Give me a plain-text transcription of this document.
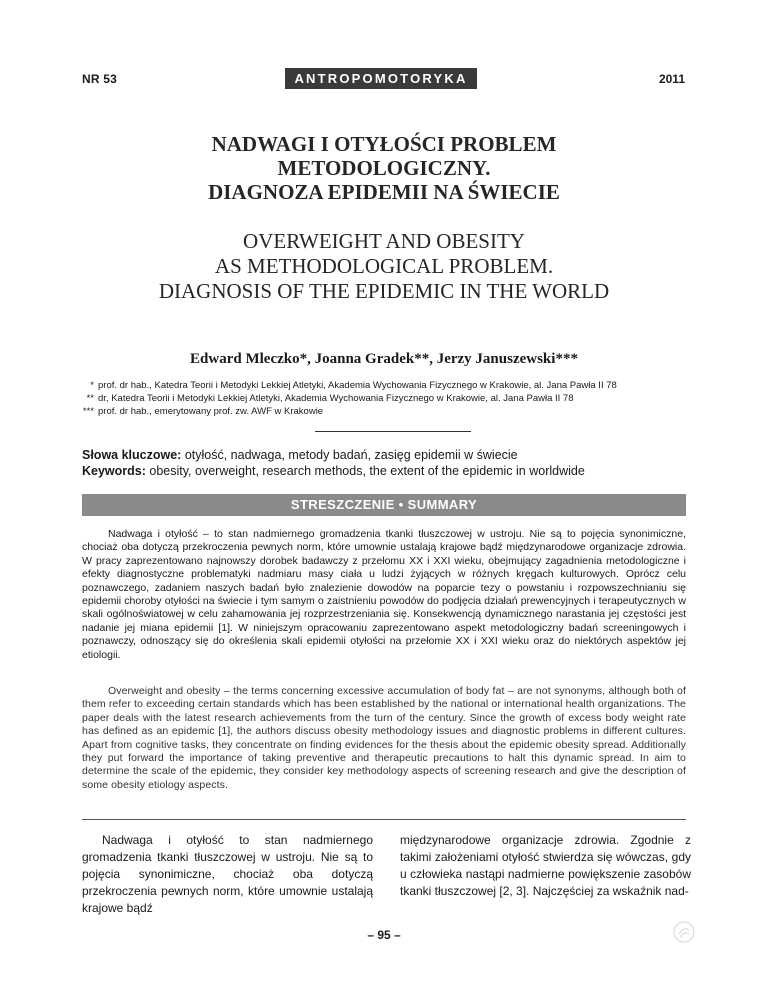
NR 53	ANTROPOMOTORYKA	2011
NADWAGI I OTYŁOŚCI PROBLEM
METODOLOGICZNY.
DIAGNOZA EPIDEMII NA ŚWIECIE
OVERWEIGHT AND OBESITY
AS METHODOLOGICAL PROBLEM.
DIAGNOSIS OF THE EPIDEMIC IN THE WORLD
Edward Mleczko*, Joanna Gradek**, Jerzy Januszewski***
* prof. dr hab., Katedra Teorii i Metodyki Lekkiej Atletyki, Akademia Wychowania Fizycznego w Krakowie, al. Jana Pawła II 78
** dr, Katedra Teorii i Metodyki Lekkiej Atletyki, Akademia Wychowania Fizycznego w Krakowie, al. Jana Pawła II 78
*** prof. dr hab., emerytowany prof. zw. AWF w Krakowie
Słowa kluczowe: otyłość, nadwaga, metody badań, zasięg epidemii w świecie
Keywords: obesity, overweight, research methods, the extent of the epidemic in worldwide
STRESZCZENIE • SUMMARY

Nadwaga i otyłość – to stan nadmiernego gromadzenia tkanki tłuszczowej w ustroju. Nie są to pojęcia synonimiczne, chociaż oba dotyczą przekroczenia pewnych norm, które umownie ustalają krajowe bądź międzynarodowe organizacje zdrowia. W pracy zaprezentowano najnowszy dorobek badawczy z przełomu XX i XXI wieku, obejmujący zagadnienia metodologiczne i efekty diagnostyczne problematyki nadmiaru masy ciała u ludzi żyjących w różnych kręgach kulturowych. Oprócz celu poznawczego, zadaniem naszych badań było znalezienie dowodów na poparcie tezy o powstaniu i rozpowszechnianiu się epidemii choroby otyłości na świecie i tym samym o zaistnieniu powodów do podjęcia działań prewencyjnych i terapeutycznych w skali ogólnoświatowej w celu zahamowania jej rozprzestrzeniania się. Konsekwencją dynamicznego narastania jej częstości jest nadanie jej miana epidemii [1]. W niniejszym opracowaniu zaprezentowano aspekt metodologiczny badań screeningowych i poznawczy, odnoszący się do określenia skali epidemii otyłości na przełomie XX i XXI wieku oraz do niektórych aspektów jej etiologii.

Overweight and obesity – the terms concerning excessive accumulation of body fat – are not synonyms, although both of them refer to exceeding certain standards which has been established by the national or international health organizations. The paper deals with the latest research achievements from the turn of the century. Since the growth of excess body weight rate has defined as an epidemic [1], the authors discuss obesity methodology issues and diagnostic problems in different cultures. Apart from cognitive tasks, they concentrate on finding evidences for the thesis about the epidemic obesity spread. Additionally they put forward the importance of taking preventive and therapeutic precautions to halt this dynamic spread. In aim to determine the scale of the epidemic, they consider key methodology aspects of screening research and give the description of some obesity etiology aspects.

Nadwaga i otyłość to stan nadmiernego gromadzenia tkanki tłuszczowej w ustroju. Nie są to pojęcia synonimiczne, chociaż oba dotyczą przekroczenia pewnych norm, które umownie ustalają krajowe bądź

międzynarodowe organizacje zdrowia. Zgodnie z takimi założeniami otyłość stwierdza się wówczas, gdy u człowieka nastąpi nadmierne powiększenie zasobów tkanki tłuszczowej [2, 3]. Najczęściej za wskaźnik nad-

– 95 –
